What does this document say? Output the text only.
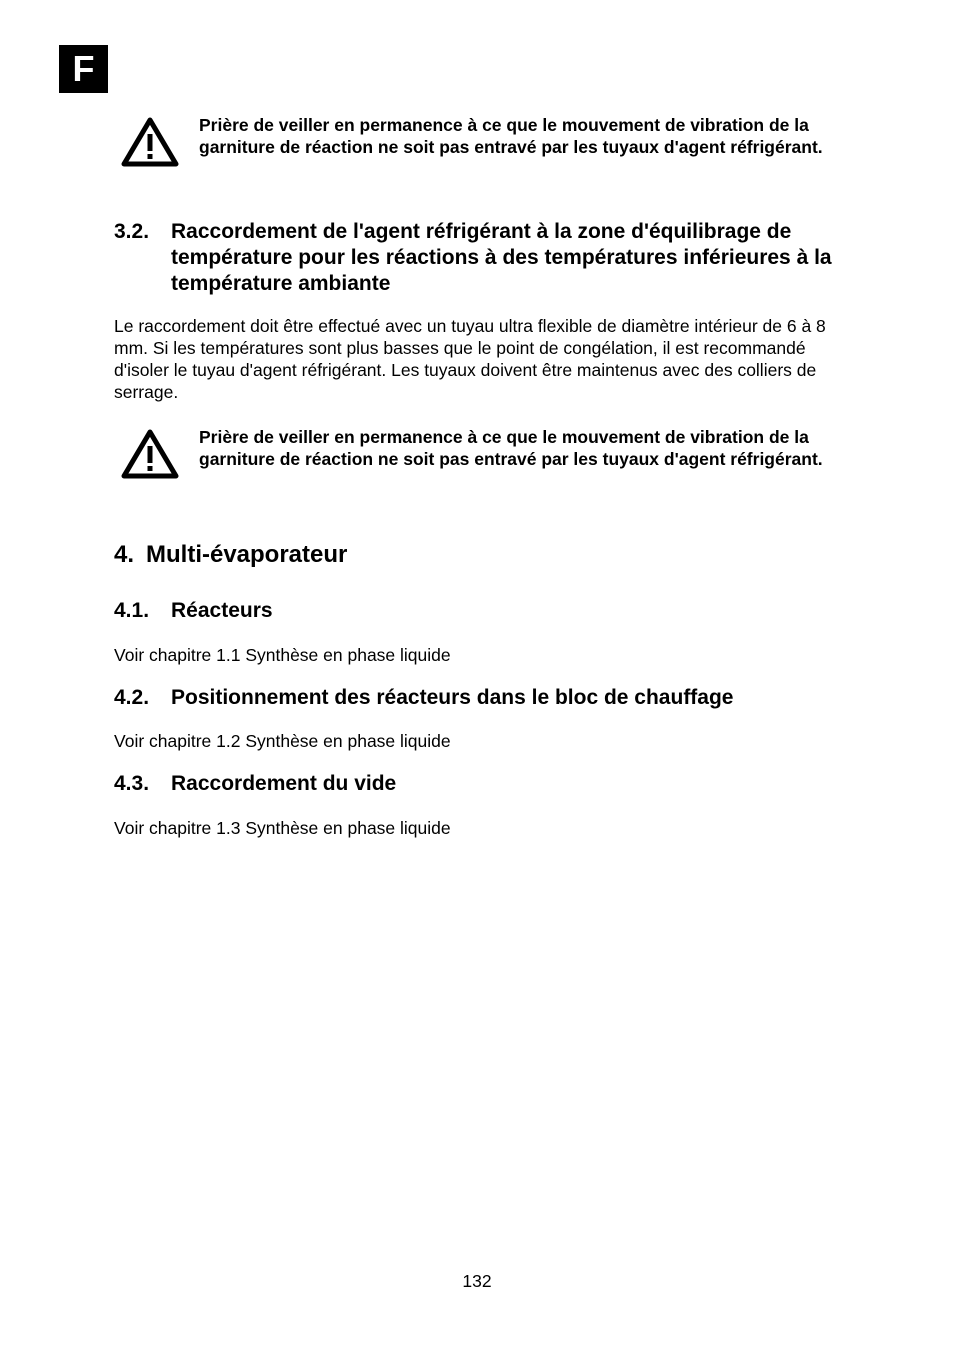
F
Prière de veiller en permanence à ce que le mouvement de vibration de la garniture de réaction ne soit pas entravé par les tuyaux d'agent réfrigérant.
3.2.	Raccordement de l'agent réfrigérant à la zone d'équilibrage de température pour les réactions à des températures inférieures à la température ambiante
Le raccordement doit être effectué avec un tuyau ultra flexible de diamètre intérieur de 6 à 8 mm. Si les températures sont plus basses que le point de congélation, il est recommandé d'isoler le tuyau d'agent réfrigérant. Les tuyaux doivent être maintenus avec des colliers de serrage.
Prière de veiller en permanence à ce que le mouvement de vibration de la garniture de réaction ne soit pas entravé par les tuyaux d'agent réfrigérant.
4. Multi-évaporateur
4.1.	Réacteurs
Voir chapitre 1.1 Synthèse en phase liquide
4.2.	Positionnement des réacteurs dans le bloc de chauffage
Voir chapitre 1.2 Synthèse en phase liquide
4.3.	Raccordement du vide
Voir chapitre 1.3 Synthèse en phase liquide
132
